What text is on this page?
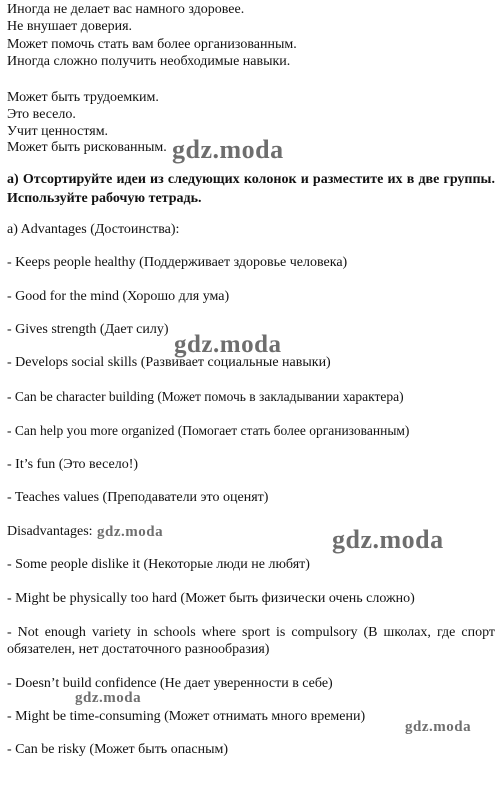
Иногда не делает вас намного здоровее.
Не внушает доверия.
Может помочь стать вам более организованным.
Иногда сложно получить необходимые навыки.
Может быть трудоемким.
Это весело.
Учит ценностям.
Может быть рискованным.
a) Отсортируйте идеи из следующих колонок и разместите их в две группы. Используйте рабочую тетрадь.
a) Advantages (Достоинства):
- Keeps people healthy (Поддерживает здоровье человека)
- Good for the mind (Хорошо для ума)
- Gives strength (Дает силу)
- Develops social skills (Развивает социальные навыки)
- Can be character building (Может помочь в закладывании характера)
- Can help you more organized (Помогает стать более организованным)
- It’s fun (Это весело!)
- Teaches values (Преподаватели это оценят)
Disadvantages:
- Some people dislike it (Некоторые люди не любят)
- Might be physically too hard (Может быть физически очень сложно)
- Not enough variety in schools where sport is compulsory (В школах, где спорт обязателен, нет достаточного разнообразия)
- Doesn’t build confidence (Не дает уверенности в себе)
- Might be time-consuming (Может отнимать много времени)
- Can be risky (Может быть опасным)
gdz.moda
gdz.moda
gdz.moda	gdz.moda
gdz.moda
gdz.moda
